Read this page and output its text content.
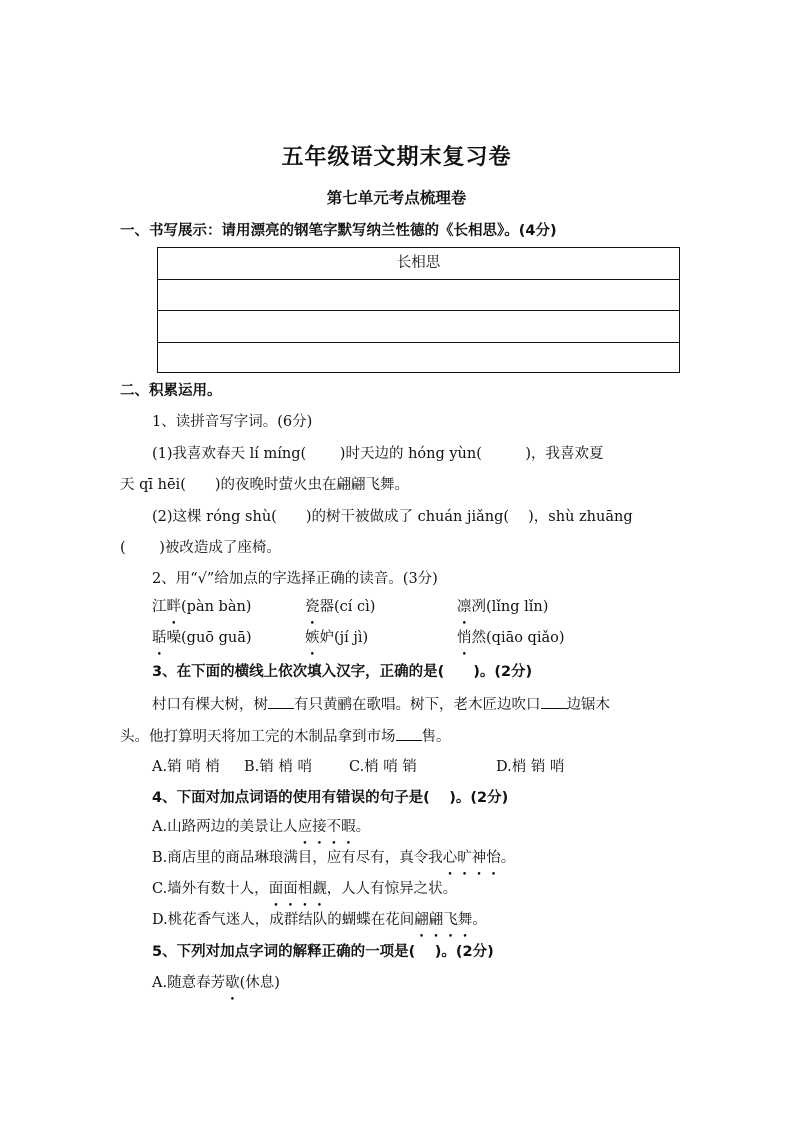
五年级语文期末复习卷
第七单元考点梳理卷
一、书写展示：请用漂亮的钢笔字默写纳兰性德的《长相思》。(4分)
长相思
二、积累运用。
1、读拼音写字词。(6分)
(1)我喜欢春天 lí míng(　　 )时天边的 hóng yùn(　　　)，我喜欢夏
天 qī hēi(　　)的夜晚时萤火虫在翩翩飞舞。
(2)这棵 róng shù(　　)的树干被做成了 chuán jiǎng(　 )，shù zhuāng
(　　 )被改造成了座椅。
2、用“√”给加点的字选择正确的读音。(3分)
江畔(pàn bàn)	瓷器(cí cì)	凛冽(lǐng lǐn)
聒噪(guō guā)	嫉妒(jí jì)	悄然(qiāo qiǎo)
3、在下面的横线上依次填入汉字，正确的是(　　)。(2分)
村口有棵大树，树 有只黄鹂在歌唱。树下，老木匠边吹口 边锯木
头。他打算明天将加工完的木制品拿到市场 售。
A.销 哨 梢 B.销 梢 哨	C.梢 哨 销	D.梢 销 哨
4、下面对加点词语的使用有错误的句子是(　 )。(2分)
A.山路两边的美景让人应接不暇。
B.商店里的商品琳琅满目，应有尽有，真令我心旷神怡。
C.墙外有数十人，面面相觑，人人有惊异之状。
D.桃花香气迷人，成群结队的蝴蝶在花间翩翩飞舞。
5、下列对加点字词的解释正确的一项是(　 )。(2分)
A.随意春芳歇(休息)
